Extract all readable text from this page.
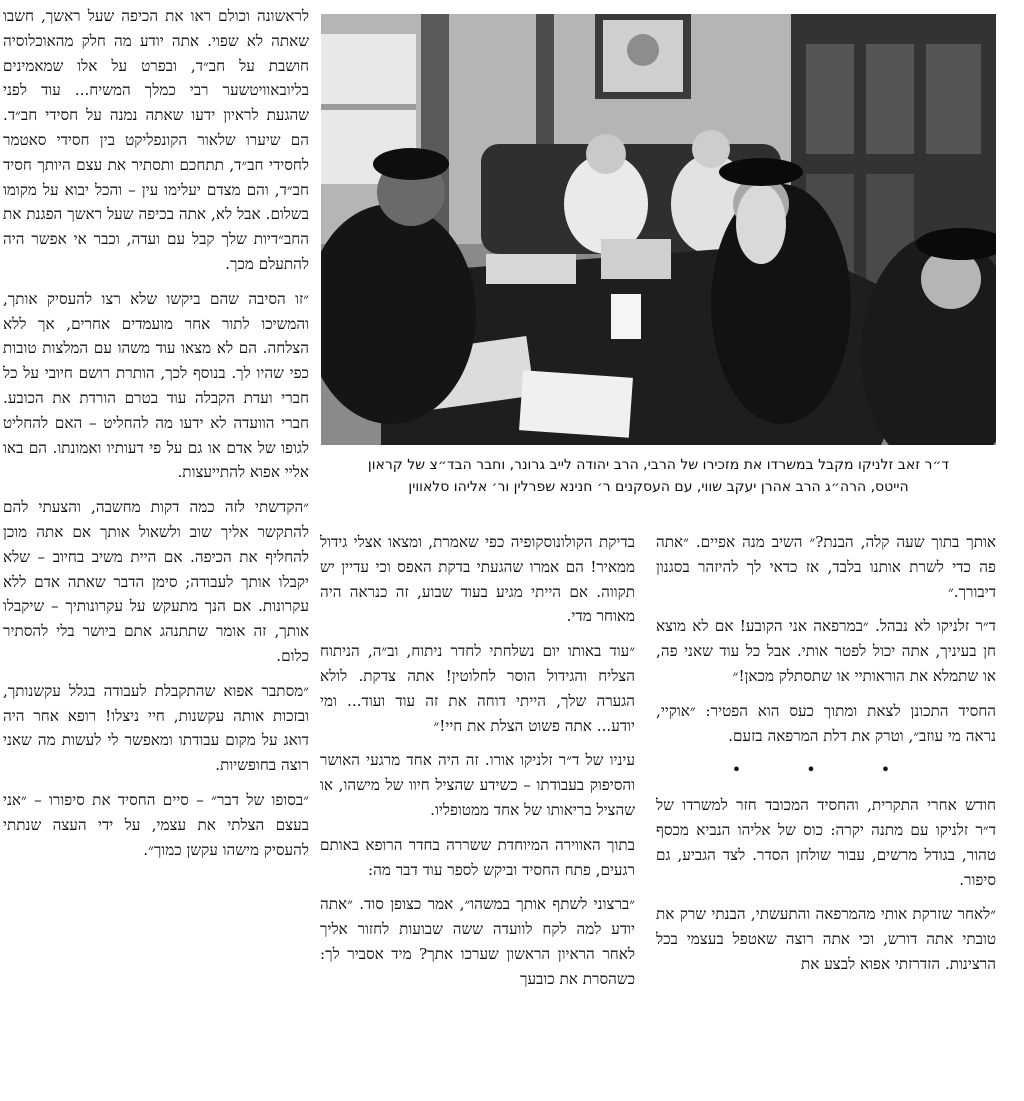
לראשונה וכולם ראו את הכיפה שעל ראשך, חשבו שאתה לא שפוי. אתה יודע מה חלק מהאוכלוסיה חושבת על חב״ד, ובפרט על אלו שמאמינים בליובאוויטשער רבי כמלך המשיח... עוד לפני שהגעת לראיון ידעו שאתה נמנה על חסידי חב״ד. הם שיערו שלאור הקונפליקט בין חסידי סאטמר לחסידי חב״ד, תתחכם ותסתיר את עצם היותך חסיד חב״ד, והם מצדם יעלימו עין – והכל יבוא על מקומו בשלום. אבל לא, אתה בכיפה שעל ראשך הפגנת את החב״דיות שלך קבל עם ועדה, וכבר אי אפשר היה להתעלם מכך.

״זו הסיבה שהם ביקשו שלא רצו להעסיק אותך, והמשיכו לתור אחר מועמדים אחרים, אך ללא הצלחה. הם לא מצאו עוד משהו עם המלצות טובות כפי שהיו לך. בנוסף לכך, הותרת רושם חיובי על כל חברי ועדת הקבלה עוד בטרם הורדת את הכובע. חברי הוועדה לא ידעו מה להחליט – האם להחליט לגופו של אדם או גם על פי דעותיו ואמונתו. הם באו אליי אפוא להתייעצות.

״הקדשתי לזה כמה דקות מחשבה, והצעתי להם להתקשר אליך שוב ולשאול אותך אם אתה מוכן להחליף את הכיפה. אם היית משיב בחיוב – שלא יקבלו אותך לעבודה; סימן הדבר שאתה אדם ללא עקרונות. אם הנך מתעקש על עקרונותיך – שיקבלו אותך, זה אומר שתתנהג אתם ביושר בלי להסתיר כלום.

״מסתבר אפוא שהתקבלת לעבודה בגלל עקשנותך, ובזכות אותה עקשנות, חיי ניצלו! רופא אחר היה דואג על מקום עבודתו ומאפשר לי לעשות מה שאני רוצה בחופשיות.

״בסופו של דבר״ – סיים החסיד את סיפורו – ״אני בעצם הצלתי את עצמי, על ידי העצה שנתתי להעסיק מישהו עקשן כמוך״.

ד״ר זאב זלניקו מקבל במשרדו את מזכירו של הרבי, הרב יהודה לייב גרונר, וחבר הבד״צ של קראון
הייטס, הרה״ג הרב אהרן יעקב שווי, עם העסקנים ר׳ חנינא שפרלין ור׳ אליהו סלאווין

אותך בתוך שעה קלה, הבנת?״ השיב מנה אפיים. ״אתה פה כדי לשרת אותנו בלבד, אז כדאי לך להיזהר בסגנון דיבורך.״

ד״ר זלניקו לא נבהל. ״במרפאה אני הקובע! אם לא מוצא חן בעיניך, אתה יכול לפטר אותי. אבל כל עוד שאני פה, או שתמלא את הוראותיי או שתסתלק מכאן!״

החסיד התכונן לצאת ומתוך כעס הוא הפטיר: ״אוקיי, נראה מי עוזב״, וטרק את דלת המרפאה בזעם.

• • •

חודש אחרי התקרית, והחסיד המכובד חזר למשרדו של ד״ר זלניקו עם מתנה יקרה: כוס של אליהו הנביא מכסף טהור, בגודל מרשים, עבור שולחן הסדר. לצד הגביע, גם סיפור.

״לאחר שזרקת אותי מהמרפאה והתעשתי, הבנתי שרק את טובתי אתה דורש, וכי אתה רוצה שאטפל בעצמי בכל הרצינות. הזדרזתי אפוא לבצע את

בדיקת הקולונוסקופיה כפי שאמרת, ומצאו אצלי גידול ממאיר! הם אמרו שהגעתי בדקת האפס וכי עדיין יש תקווה. אם הייתי מגיע בעוד שבוע, זה כנראה היה מאוחר מדי.

״עוד באותו יום נשלחתי לחדר ניתוח, וב״ה, הניתוח הצליח והגידול הוסר לחלוטין! אתה צדקת. לולא הגערה שלך, הייתי דוחה את זה עוד ועוד... ומי יודע... אתה פשוט הצלת את חיי!״

עיניו של ד״ר זלניקו אורו. זה היה אחד מרגעי האושר והסיפוק בעבודתו – כשידע שהציל חיוו של מישהו, או שהציל בריאותו של אחד ממטופליו.

בתוך האווירה המיוחדת ששררה בחדר הרופא באותם רגעים, פתח החסיד וביקש לספר עוד דבר מה:

״ברצוני לשתף אותך במשהו״, אמר כצופן סוד. ״אתה יודע למה לקח לוועדה ששה שבועות לחזור אליך לאחר הראיון הראשון שערכו אתך? מיד אסביר לך: כשהסרת את כובעך
